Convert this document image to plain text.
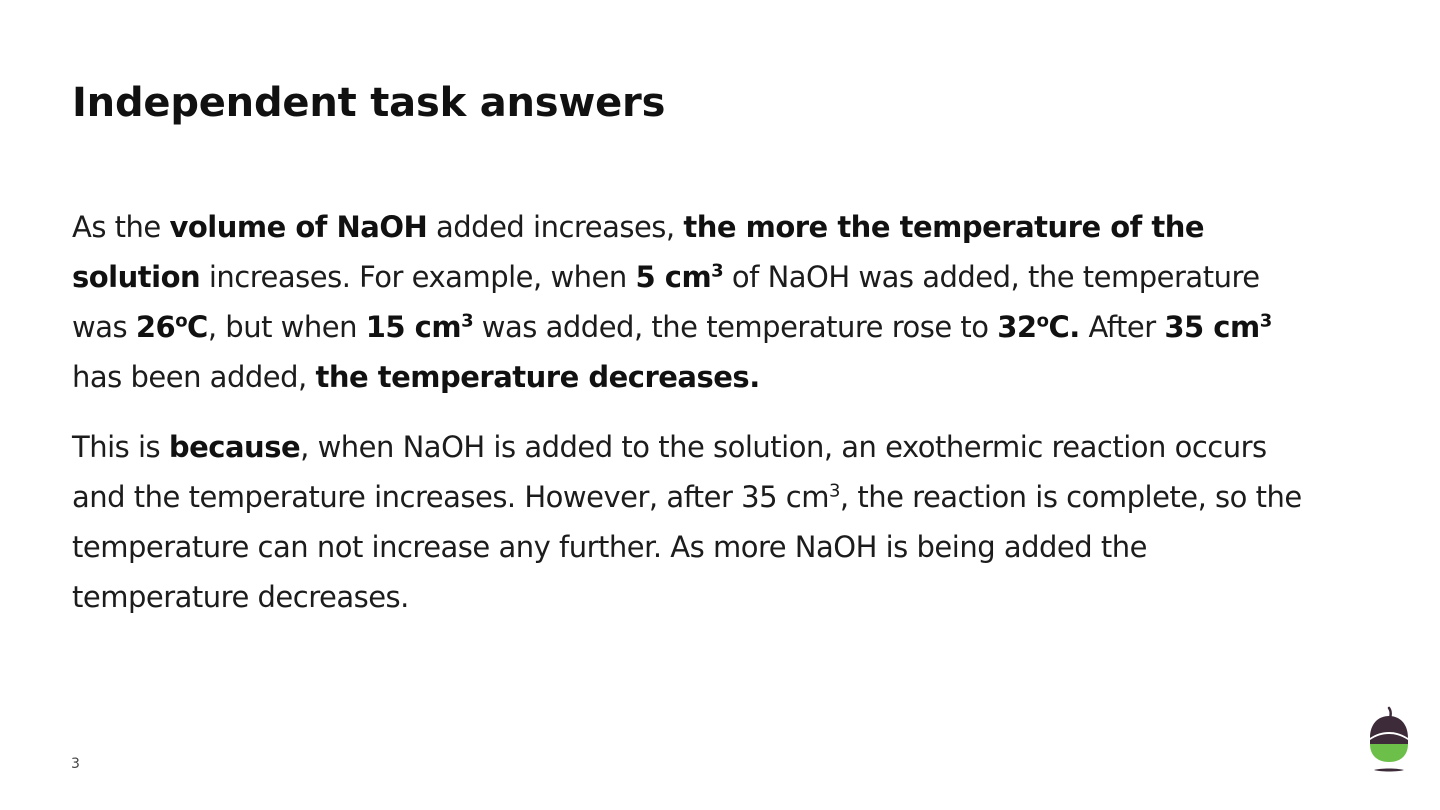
Independent task answers

As the volume of NaOH added increases, the more the temperature of the solution increases. For example, when 5 $cm^3$ of NaOH was added, the temperature was 26$^o$C, but when 15 $cm^3$ was added, the temperature rose to 32$^o$C. After 35 $cm^3$ has been added, the temperature decreases.

This is because, when NaOH is added to the solution, an exothermic reaction occurs and the temperature increases. However, after 35 $cm^3$, the reaction is complete, so the temperature can not increase any further. As more NaOH is being added the temperature decreases.

3
